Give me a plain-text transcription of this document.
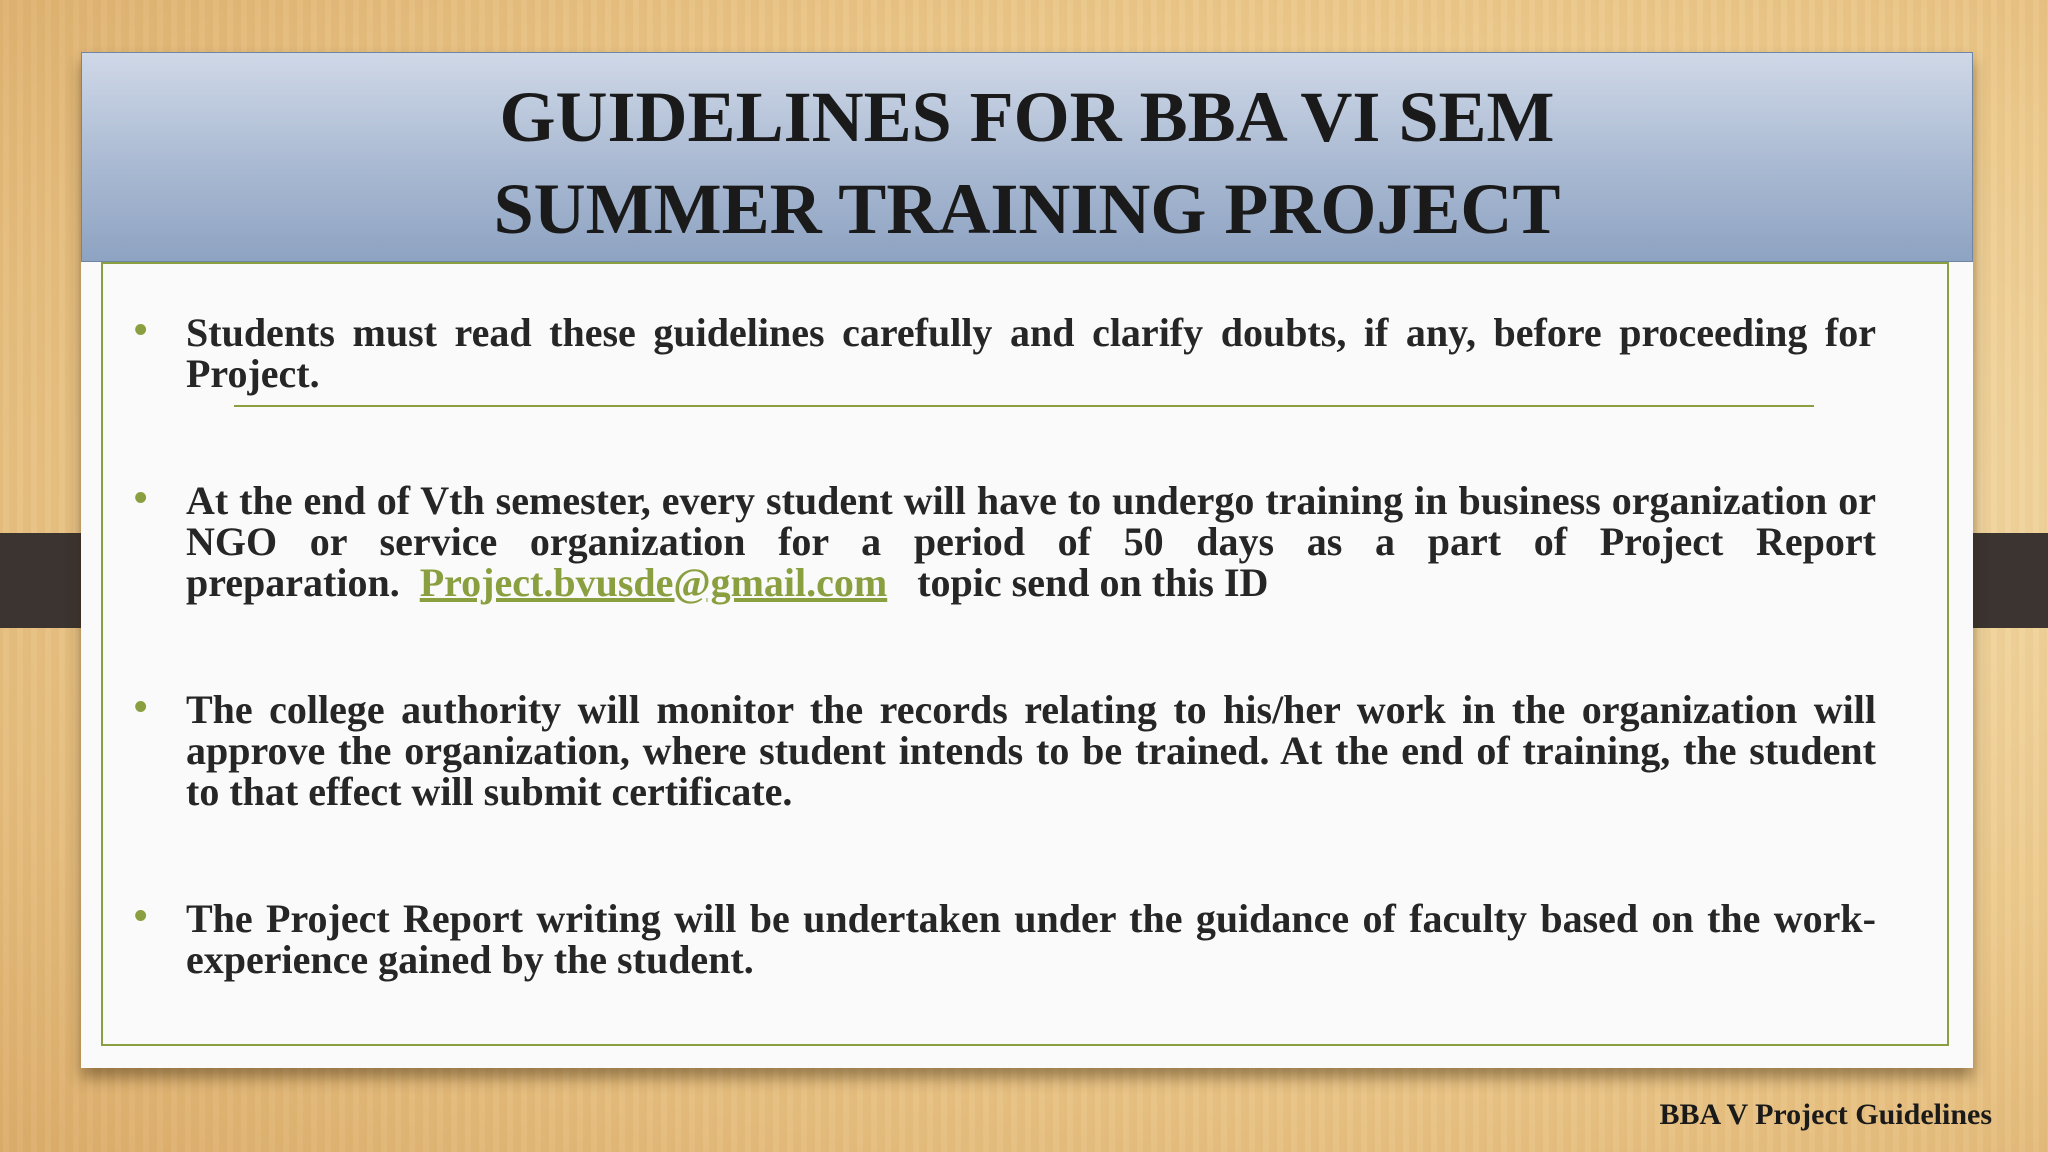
GUIDELINES FOR BBA VI SEM
SUMMER TRAINING PROJECT
• Students must read these guidelines carefully and clarify doubts, if any, before proceeding for Project.
• At the end of Vth semester, every student will have to undergo training in business organization or NGO or service organization for a period of 50 days as a part of Project Report preparation. Project.bvusde@gmail.com topic send on this ID
• The college authority will monitor the records relating to his/her work in the organization will approve the organization, where student intends to be trained. At the end of training, the student to that effect will submit certificate.
• The Project Report writing will be undertaken under the guidance of faculty based on the work-experience gained by the student.
BBA V Project Guidelines
